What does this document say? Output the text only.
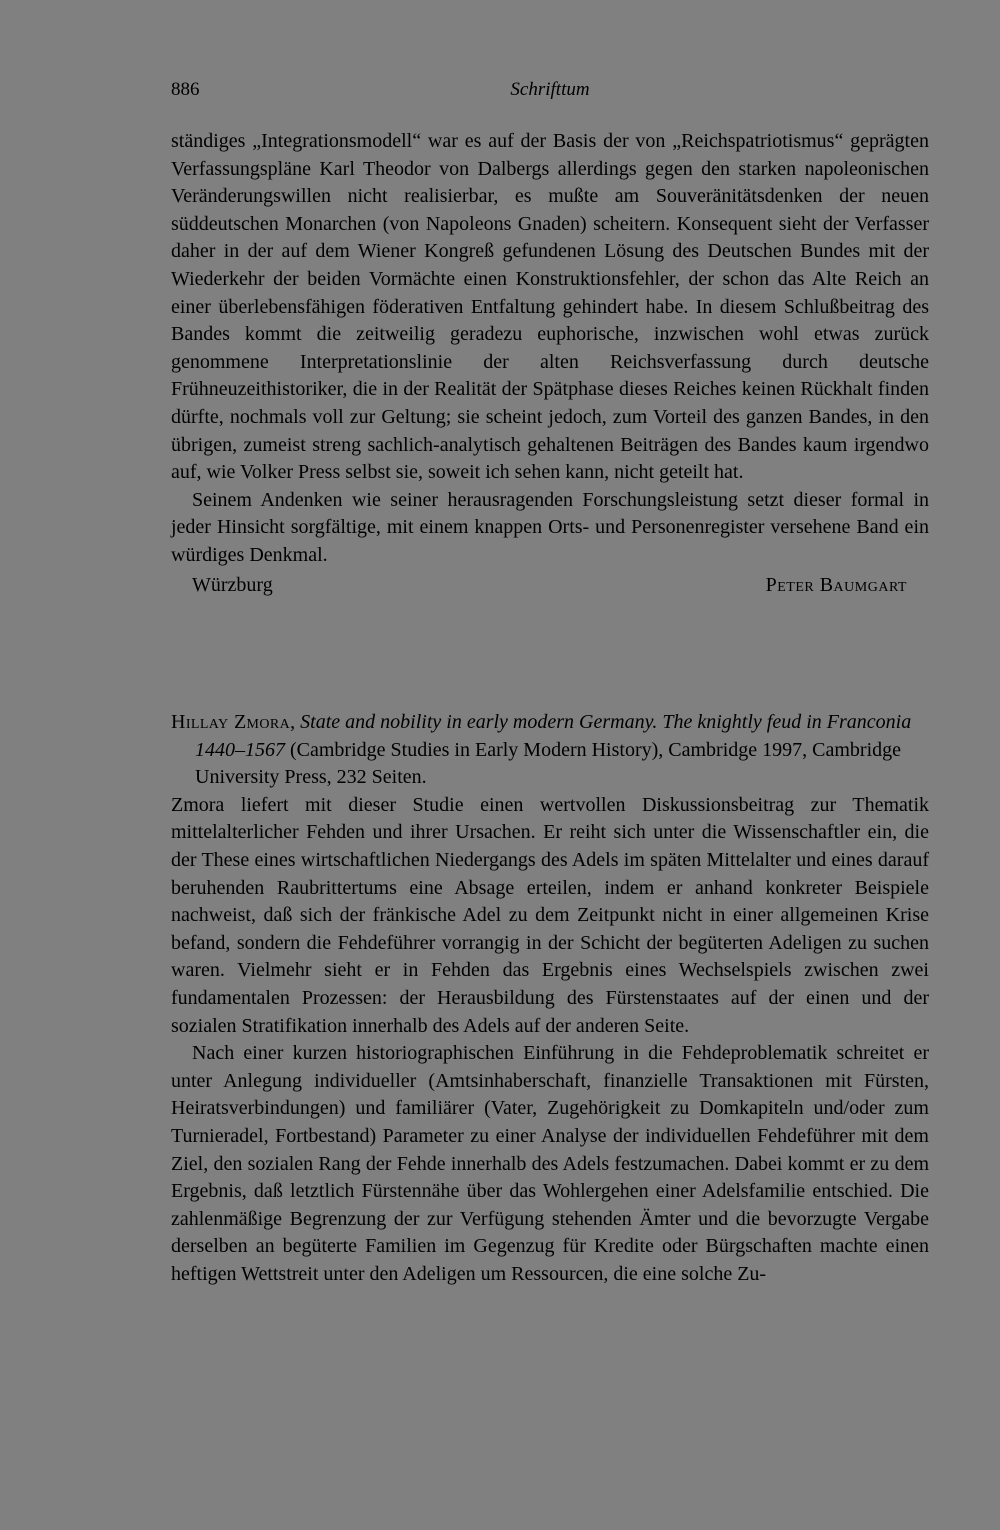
886	Schrifttum

ständiges „Integrationsmodell“ war es auf der Basis der von „Reichspatriotismus“ geprägten Verfassungspläne Karl Theodor von Dalbergs allerdings gegen den starken napoleonischen Veränderungswillen nicht realisierbar, es mußte am Souveränitätsdenken der neuen süddeutschen Monarchen (von Napoleons Gnaden) scheitern. Konsequent sieht der Verfasser daher in der auf dem Wiener Kongreß gefundenen Lösung des Deutschen Bundes mit der Wiederkehr der beiden Vormächte einen Konstruktionsfehler, der schon das Alte Reich an einer überlebensfähigen föderativen Entfaltung gehindert habe. In diesem Schlußbeitrag des Bandes kommt die zeitweilig geradezu euphorische, inzwischen wohl etwas zurück genommene Interpretationslinie der alten Reichsverfassung durch deutsche Frühneuzeithistoriker, die in der Realität der Spätphase dieses Reiches keinen Rückhalt finden dürfte, nochmals voll zur Geltung; sie scheint jedoch, zum Vorteil des ganzen Bandes, in den übrigen, zumeist streng sachlich-analytisch gehaltenen Beiträgen des Bandes kaum irgendwo auf, wie Volker Press selbst sie, soweit ich sehen kann, nicht geteilt hat.

Seinem Andenken wie seiner herausragenden Forschungsleistung setzt dieser formal in jeder Hinsicht sorgfältige, mit einem knappen Orts- und Personenregister versehene Band ein würdiges Denkmal.

Würzburg	Peter Baumgart

Hillay Zmora, State and nobility in early modern Germany. The knightly feud in Franconia 1440–1567 (Cambridge Studies in Early Modern History), Cambridge 1997, Cambridge University Press, 232 Seiten.

Zmora liefert mit dieser Studie einen wertvollen Diskussionsbeitrag zur Thematik mittelalterlicher Fehden und ihrer Ursachen. Er reiht sich unter die Wissenschaftler ein, die der These eines wirtschaftlichen Niedergangs des Adels im späten Mittelalter und eines darauf beruhenden Raubrittertums eine Absage erteilen, indem er anhand konkreter Beispiele nachweist, daß sich der fränkische Adel zu dem Zeitpunkt nicht in einer allgemeinen Krise befand, sondern die Fehdeführer vorrangig in der Schicht der begüterten Adeligen zu suchen waren. Vielmehr sieht er in Fehden das Ergebnis eines Wechselspiels zwischen zwei fundamentalen Prozessen: der Herausbildung des Fürstenstaates auf der einen und der sozialen Stratifikation innerhalb des Adels auf der anderen Seite.

Nach einer kurzen historiographischen Einführung in die Fehdeproblematik schreitet er unter Anlegung individueller (Amtsinhaberschaft, finanzielle Transaktionen mit Fürsten, Heiratsverbindungen) und familiärer (Vater, Zugehörigkeit zu Domkapiteln und/oder zum Turnieradel, Fortbestand) Parameter zu einer Analyse der individuellen Fehdeführer mit dem Ziel, den sozialen Rang der Fehde innerhalb des Adels festzumachen. Dabei kommt er zu dem Ergebnis, daß letztlich Fürstennähe über das Wohlergehen einer Adelsfamilie entschied. Die zahlenmäßige Begrenzung der zur Verfügung stehenden Ämter und die bevorzugte Vergabe derselben an begüterte Familien im Gegenzug für Kredite oder Bürgschaften machte einen heftigen Wettstreit unter den Adeligen um Ressourcen, die eine solche Zu-
